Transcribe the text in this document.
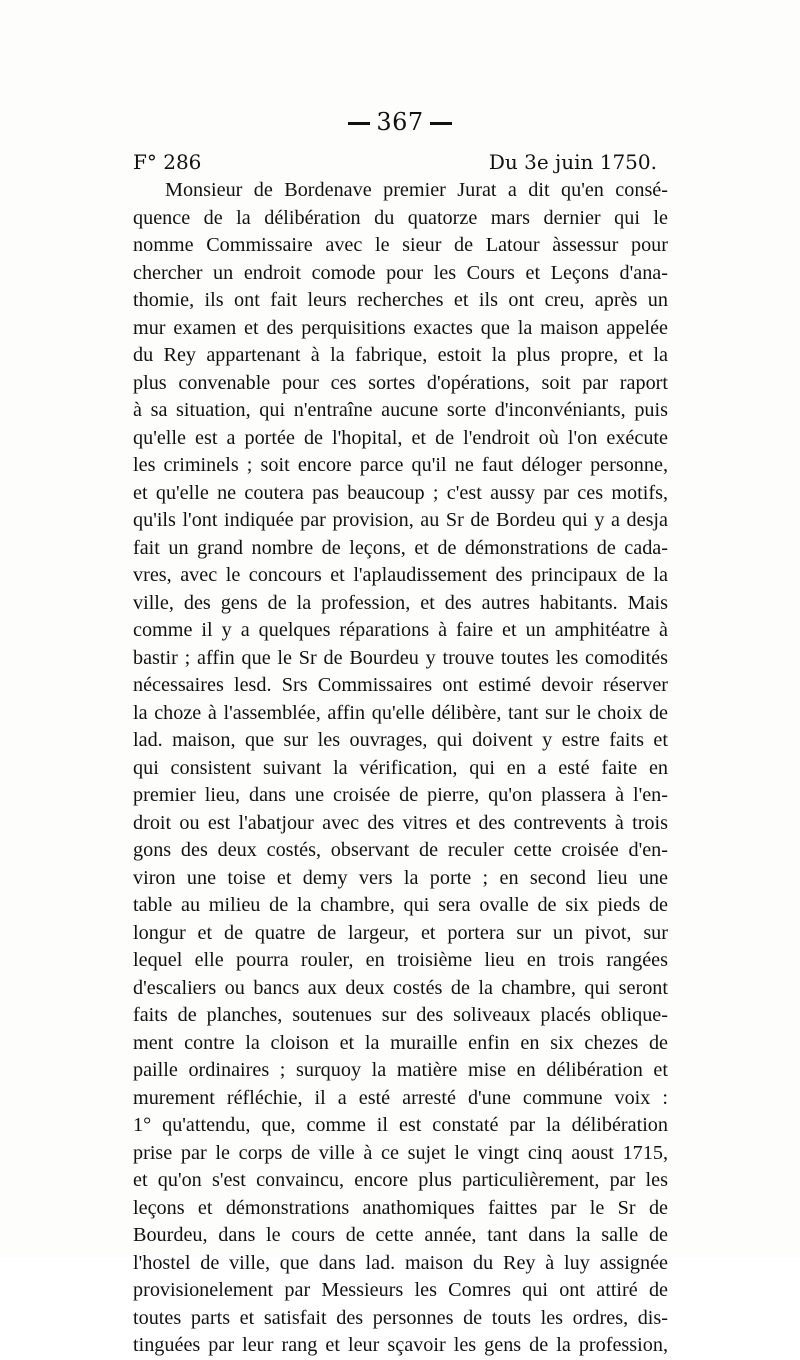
367
F° 286	Du 3e juin 1750.
Monsieur de Bordenave premier Jurat a dit qu'en consé-
quence de la délibération du quatorze mars dernier qui le
nomme Commissaire avec le sieur de Latour àssessur pour
chercher un endroit comode pour les Cours et Leçons d'ana-
thomie, ils ont fait leurs recherches et ils ont creu, après un
mur examen et des perquisitions exactes que la maison appelée
du Rey appartenant à la fabrique, estoit la plus propre, et la
plus convenable pour ces sortes d'opérations, soit par raport
à sa situation, qui n'entraîne aucune sorte d'inconvéniants, puis
qu'elle est a portée de l'hopital, et de l'endroit où l'on exécute
les criminels ; soit encore parce qu'il ne faut déloger personne,
et qu'elle ne coutera pas beaucoup ; c'est aussy par ces motifs,
qu'ils l'ont indiquée par provision, au Sr de Bordeu qui y a desja
fait un grand nombre de leçons, et de démonstrations de cada-
vres, avec le concours et l'aplaudissement des principaux de la
ville, des gens de la profession, et des autres habitants. Mais
comme il y a quelques réparations à faire et un amphitéatre à
bastir ; affin que le Sr de Bourdeu y trouve toutes les comodités
nécessaires lesd. Srs Commissaires ont estimé devoir réserver
la choze à l'assemblée, affin qu'elle délibère, tant sur le choix de
lad. maison, que sur les ouvrages, qui doivent y estre faits et
qui consistent suivant la vérification, qui en a esté faite en
premier lieu, dans une croisée de pierre, qu'on plassera à l'en-
droit ou est l'abatjour avec des vitres et des contrevents à trois
gons des deux costés, observant de reculer cette croisée d'en-
viron une toise et demy vers la porte ; en second lieu une
table au milieu de la chambre, qui sera ovalle de six pieds de
longur et de quatre de largeur, et portera sur un pivot, sur
lequel elle pourra rouler, en troisième lieu en trois rangées
d'escaliers ou bancs aux deux costés de la chambre, qui seront
faits de planches, soutenues sur des soliveaux placés oblique-
ment contre la cloison et la muraille enfin en six chezes de
paille ordinaires ; surquoy la matière mise en délibération et
murement réfléchie, il a esté arresté d'une commune voix :
1° qu'attendu, que, comme il est constaté par la délibération
prise par le corps de ville à ce sujet le vingt cinq aoust 1715,
et qu'on s'est convaincu, encore plus particulièrement, par les
leçons et démonstrations anathomiques faittes par le Sr de
Bourdeu, dans le cours de cette année, tant dans la salle de
l'hostel de ville, que dans lad. maison du Rey à luy assignée
provisionelement par Messieurs les Comres qui ont attiré de
toutes parts et satisfait des personnes de touts les ordres, dis-
tinguées par leur rang et leur sçavoir les gens de la profession,
